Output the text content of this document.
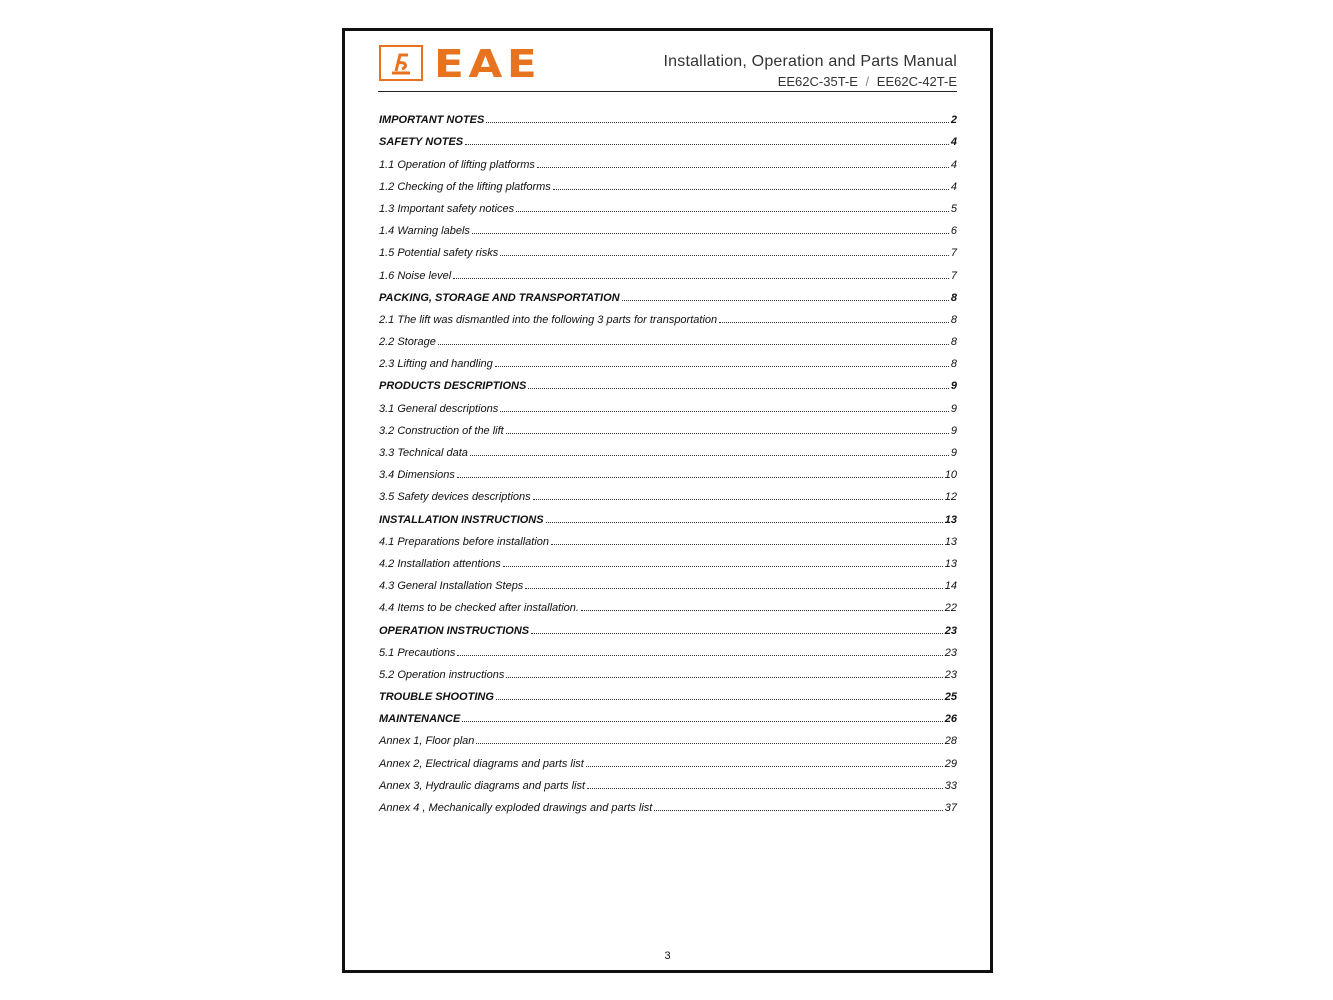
EAE	Installation, Operation and Parts Manual
EE62C-35T-E / EE62C-42T-E
IMPORTANT NOTES	2
SAFETY NOTES	4
1.1 Operation of lifting platforms	4
1.2 Checking of the lifting platforms	4
1.3 Important safety notices	5
1.4 Warning labels	6
1.5 Potential safety risks	7
1.6 Noise level	7
PACKING, STORAGE AND TRANSPORTATION	8
2.1 The lift was dismantled into the following 3 parts for transportation	8
2.2 Storage	8
2.3 Lifting and handling	8
PRODUCTS DESCRIPTIONS	9
3.1 General descriptions	9
3.2 Construction of the lift	9
3.3 Technical data	9
3.4 Dimensions	10
3.5 Safety devices descriptions	12
INSTALLATION INSTRUCTIONS	13
4.1 Preparations before installation	13
4.2 Installation attentions	13
4.3 General Installation Steps	14
4.4 Items to be checked after installation.	22
OPERATION INSTRUCTIONS	23
5.1 Precautions	23
5.2 Operation instructions	23
TROUBLE SHOOTING	25
MAINTENANCE	26
Annex 1, Floor plan	28
Annex 2, Electrical diagrams and parts list	29
Annex 3, Hydraulic diagrams and parts list	33
Annex 4 , Mechanically exploded drawings and parts list	37
3
